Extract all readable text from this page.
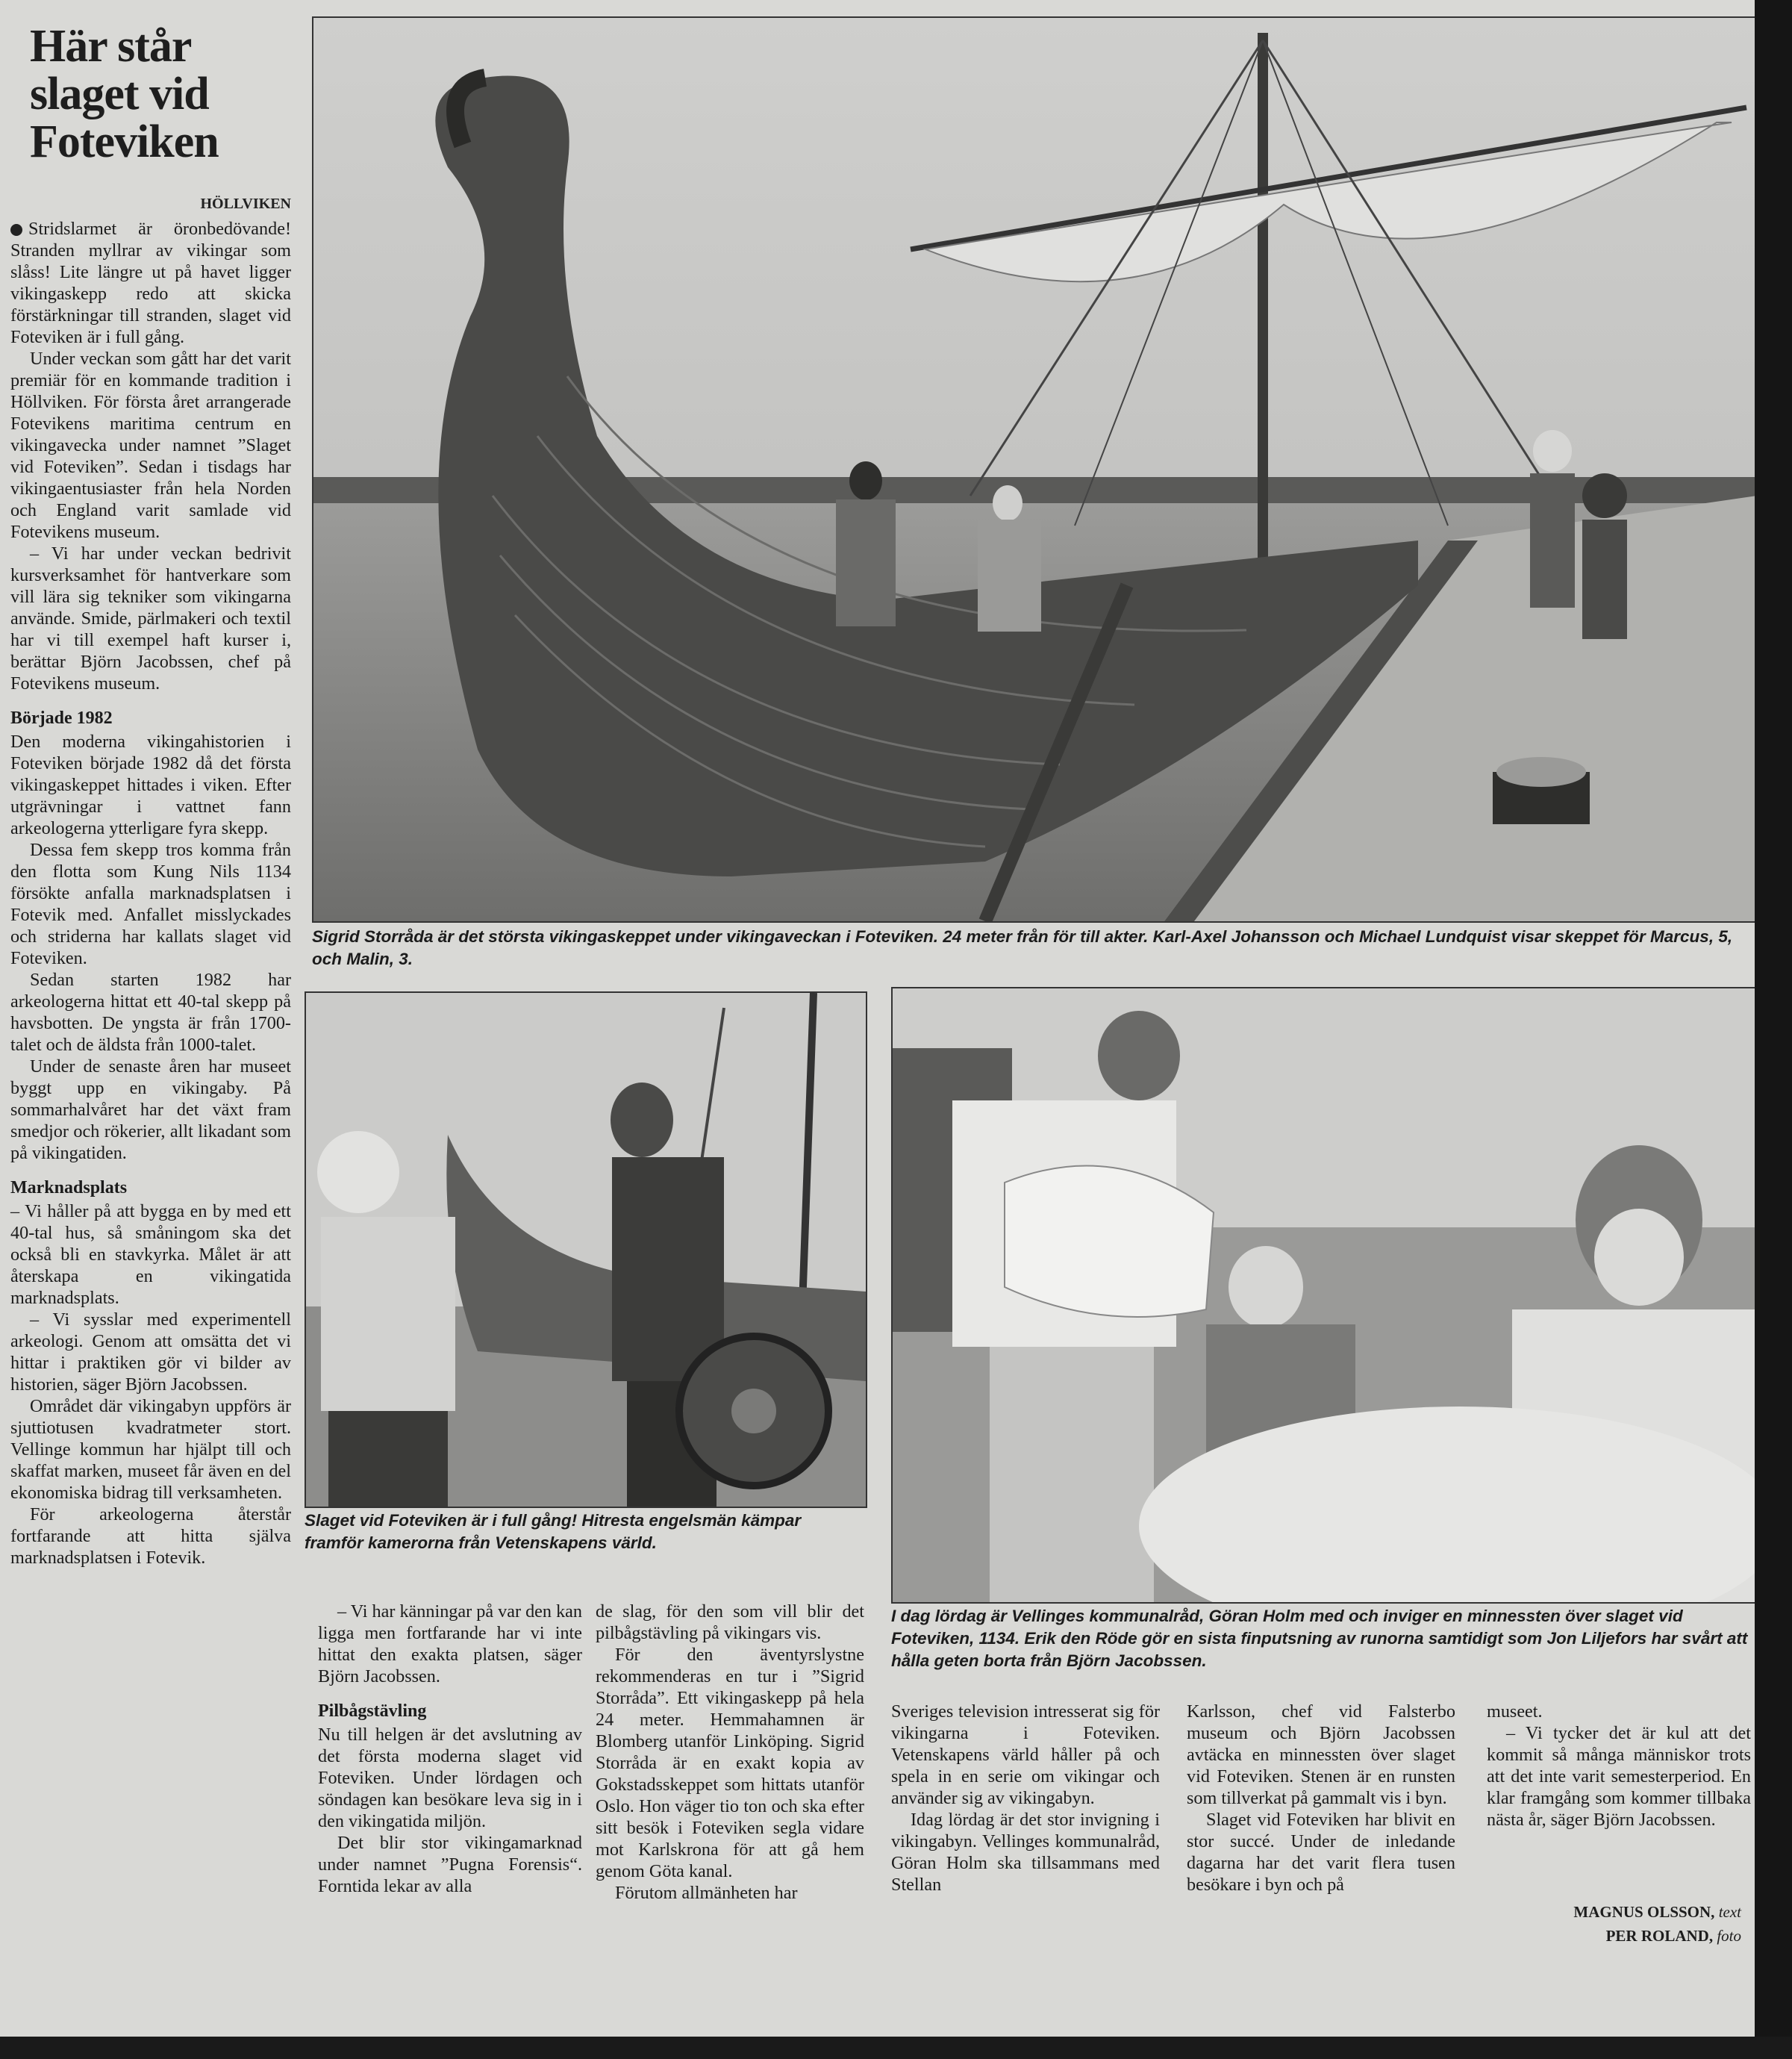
Här står slaget vid Foteviken
HÖLLVIKEN

Stridslarmet är öronbedövande! Stranden myllrar av vikingar som slåss! Lite längre ut på havet ligger vikingaskepp redo att skicka förstärkningar till stranden, slaget vid Foteviken är i full gång.

Under veckan som gått har det varit premiär för en kommande tradition i Höllviken. För första året arrangerade Fotevikens maritima centrum en vikingavecka under namnet ”Slaget vid Foteviken”. Sedan i tisdags har vikingaentusiaster från hela Norden och England varit samlade vid Fotevikens museum.

– Vi har under veckan bedrivit kursverksamhet för hantverkare som vill lära sig tekniker som vikingarna använde. Smide, pärlmakeri och textil har vi till exempel haft kurser i, berättar Björn Jacobssen, chef på Fotevikens museum.

Började 1982

Den moderna vikingahistorien i Foteviken började 1982 då det första vikingaskeppet hittades i viken. Efter utgrävningar i vattnet fann arkeologerna ytterligare fyra skepp.

Dessa fem skepp tros komma från den flotta som Kung Nils 1134 försökte anfalla marknadsplatsen i Fotevik med. Anfallet misslyckades och striderna har kallats slaget vid Foteviken.

Sedan starten 1982 har arkeologerna hittat ett 40-tal skepp på havsbotten. De yngsta är från 1700-talet och de äldsta från 1000-talet.

Under de senaste åren har museet byggt upp en vikingaby. På sommarhalvåret har det växt fram smedjor och rökerier, allt likadant som på vikingatiden.

Marknadsplats

– Vi håller på att bygga en by med ett 40-tal hus, så småningom ska det också bli en stavkyrka. Målet är att återskapa en vikingatida marknadsplats.

– Vi sysslar med experimentell arkeologi. Genom att omsätta det vi hittar i praktiken gör vi bilder av historien, säger Björn Jacobssen.

Området där vikingabyn uppförs är sjuttiotusen kvadratmeter stort. Vellinge kommun har hjälpt till och skaffat marken, museet får även en del ekonomiska bidrag till verksamheten.

För arkeologerna återstår fortfarande att hitta själva marknadsplatsen i Fotevik.

Sigrid Storråda är det största vikingaskeppet under vikingaveckan i Foteviken. 24 meter från för till akter. Karl-Axel Johansson och Michael Lundquist visar skeppet för Marcus, 5, och Malin, 3.
Slaget vid Foteviken är i full gång! Hitresta engelsmän kämpar framför kamerorna från Vetenskapens värld.
I dag lördag är Vellinges kommunalråd, Göran Holm med och inviger en minnessten över slaget vid Foteviken, 1134. Erik den Röde gör en sista finputsning av runorna samtidigt som Jon Liljefors har svårt att hålla geten borta från Björn Jacobssen.

– Vi har känningar på var den kan ligga men fortfarande har vi inte hittat den exakta platsen, säger Björn Jacobssen.

Pilbågstävling

Nu till helgen är det avslutning av det första moderna slaget vid Foteviken. Under lördagen och söndagen kan besökare leva sig in i den vikingatida miljön.

Det blir stor vikingamarknad under namnet ”Pugna Forensis“. Forntida lekar av alla

de slag, för den som vill blir det pilbågstävling på vikingars vis.

För den äventyrslystne rekommenderas en tur i ”Sigrid Storråda”. Ett vikingaskepp på hela 24 meter. Hemmahamnen är Blomberg utanför Linköping. Sigrid Storråda är en exakt kopia av Gokstadsskeppet som hittats utanför Oslo. Hon väger tio ton och ska efter sitt besök i Foteviken segla vidare mot Karlskrona för att gå hem genom Göta kanal.

Förutom allmänheten har

Sveriges television intresserat sig för vikingarna i Foteviken. Vetenskapens värld håller på och spela in en serie om vikingar och använder sig av vikingabyn.

Idag lördag är det stor invigning i vikingabyn. Vellinges kommunalråd, Göran Holm ska tillsammans med Stellan

Karlsson, chef vid Falsterbo museum och Björn Jacobssen avtäcka en minnessten över slaget vid Foteviken. Stenen är en runsten som tillverkat på gammalt vis i byn.

Slaget vid Foteviken har blivit en stor succé. Under de inledande dagarna har det varit flera tusen besökare i byn och på

museet.

– Vi tycker det är kul att det kommit så många människor trots att det inte varit semesterperiod. En klar framgång som kommer tillbaka nästa år, säger Björn Jacobssen.

MAGNUS OLSSON, text
PER ROLAND, foto
